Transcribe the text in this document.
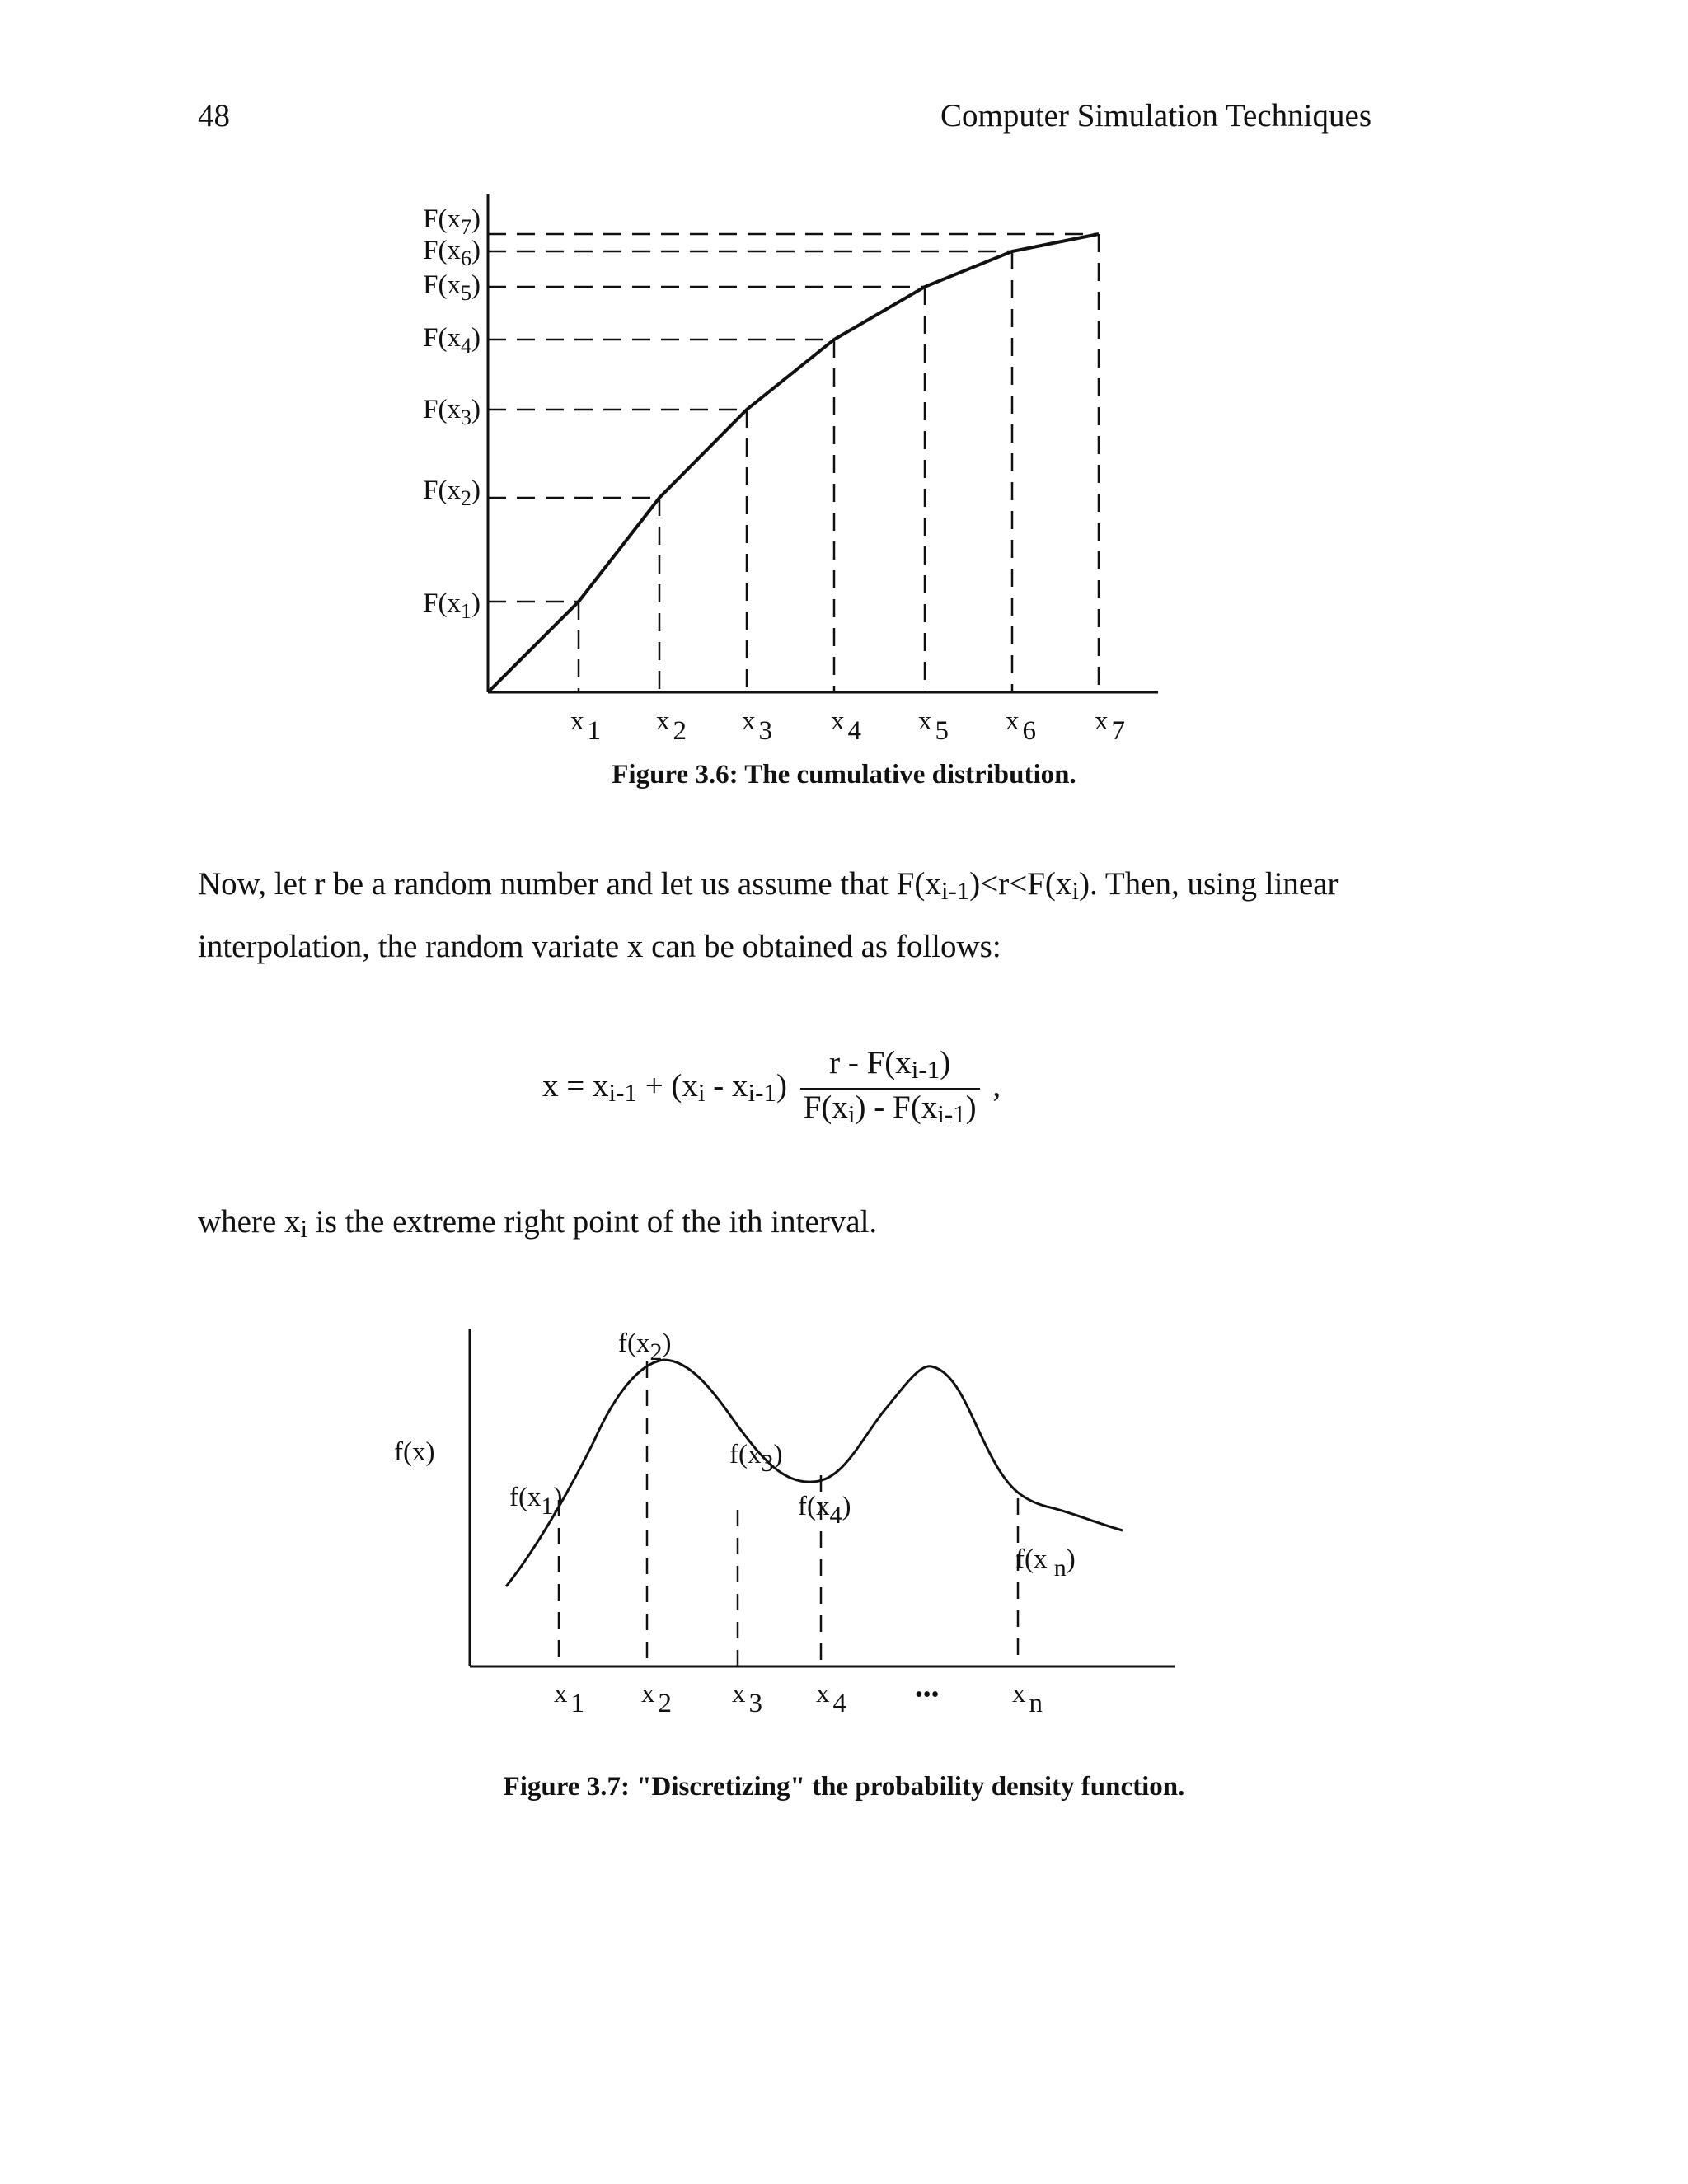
48	Computer Simulation Techniques
$F(x_1)$
$F(x_2)$
$F(x_3)$
$F(x_4)$
$F(x_5)$
$F(x_6)$
$F(x_7)$
x 1 x 2 x 3 x 4 x 5 x 6 x 7
Figure 3.6: The cumulative distribution.
Now, let r be a random number and let us assume that $F(x_{i-1})<r<F(x_i)$. Then, using linear
interpolation, the random variate x can be obtained as follows:
$x = x_{i-1} + (x_i - x_{i-1}) \frac{r - F(x_{i-1})}{F(x_i) - F(x_{i-1})}$ ,
where $x_i$ is the extreme right point of the ith interval.
f(x)
f(x1)
f(x2)
f(x3)
f(x4)
f(x n)
x 1 x 2 x 3 x 4	x n
•••
Figure 3.7: "Discretizing" the probability density function.
